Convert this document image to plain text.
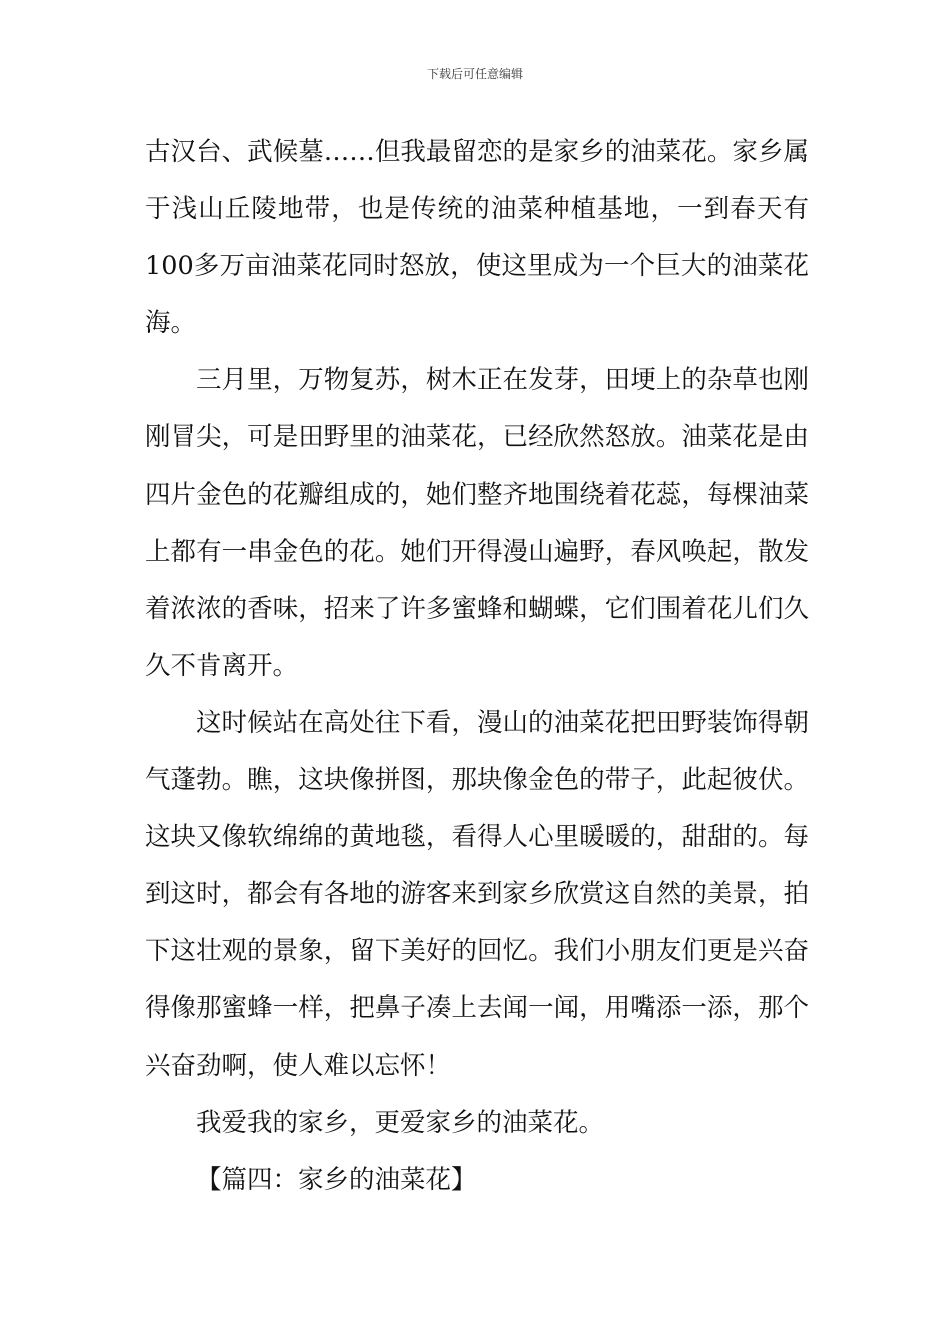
下载后可任意编辑

古汉台、武候墓……但我最留恋的是家乡的油菜花。家乡属于浅山丘陵地带，也是传统的油菜种植基地，一到春天有100多万亩油菜花同时怒放，使这里成为一个巨大的油菜花海。

三月里，万物复苏，树木正在发芽，田埂上的杂草也刚刚冒尖，可是田野里的油菜花，已经欣然怒放。油菜花是由四片金色的花瓣组成的，她们整齐地围绕着花蕊，每棵油菜上都有一串金色的花。她们开得漫山遍野，春风唤起，散发着浓浓的香味，招来了许多蜜蜂和蝴蝶，它们围着花儿们久久不肯离开。

这时候站在高处往下看，漫山的油菜花把田野装饰得朝气蓬勃。瞧，这块像拼图，那块像金色的带子，此起彼伏。这块又像软绵绵的黄地毯，看得人心里暖暖的，甜甜的。每到这时，都会有各地的游客来到家乡欣赏这自然的美景，拍下这壮观的景象，留下美好的回忆。我们小朋友们更是兴奋得像那蜜蜂一样，把鼻子凑上去闻一闻，用嘴添一添，那个兴奋劲啊，使人难以忘怀！

我爱我的家乡，更爱家乡的油菜花。

【篇四：家乡的油菜花】
